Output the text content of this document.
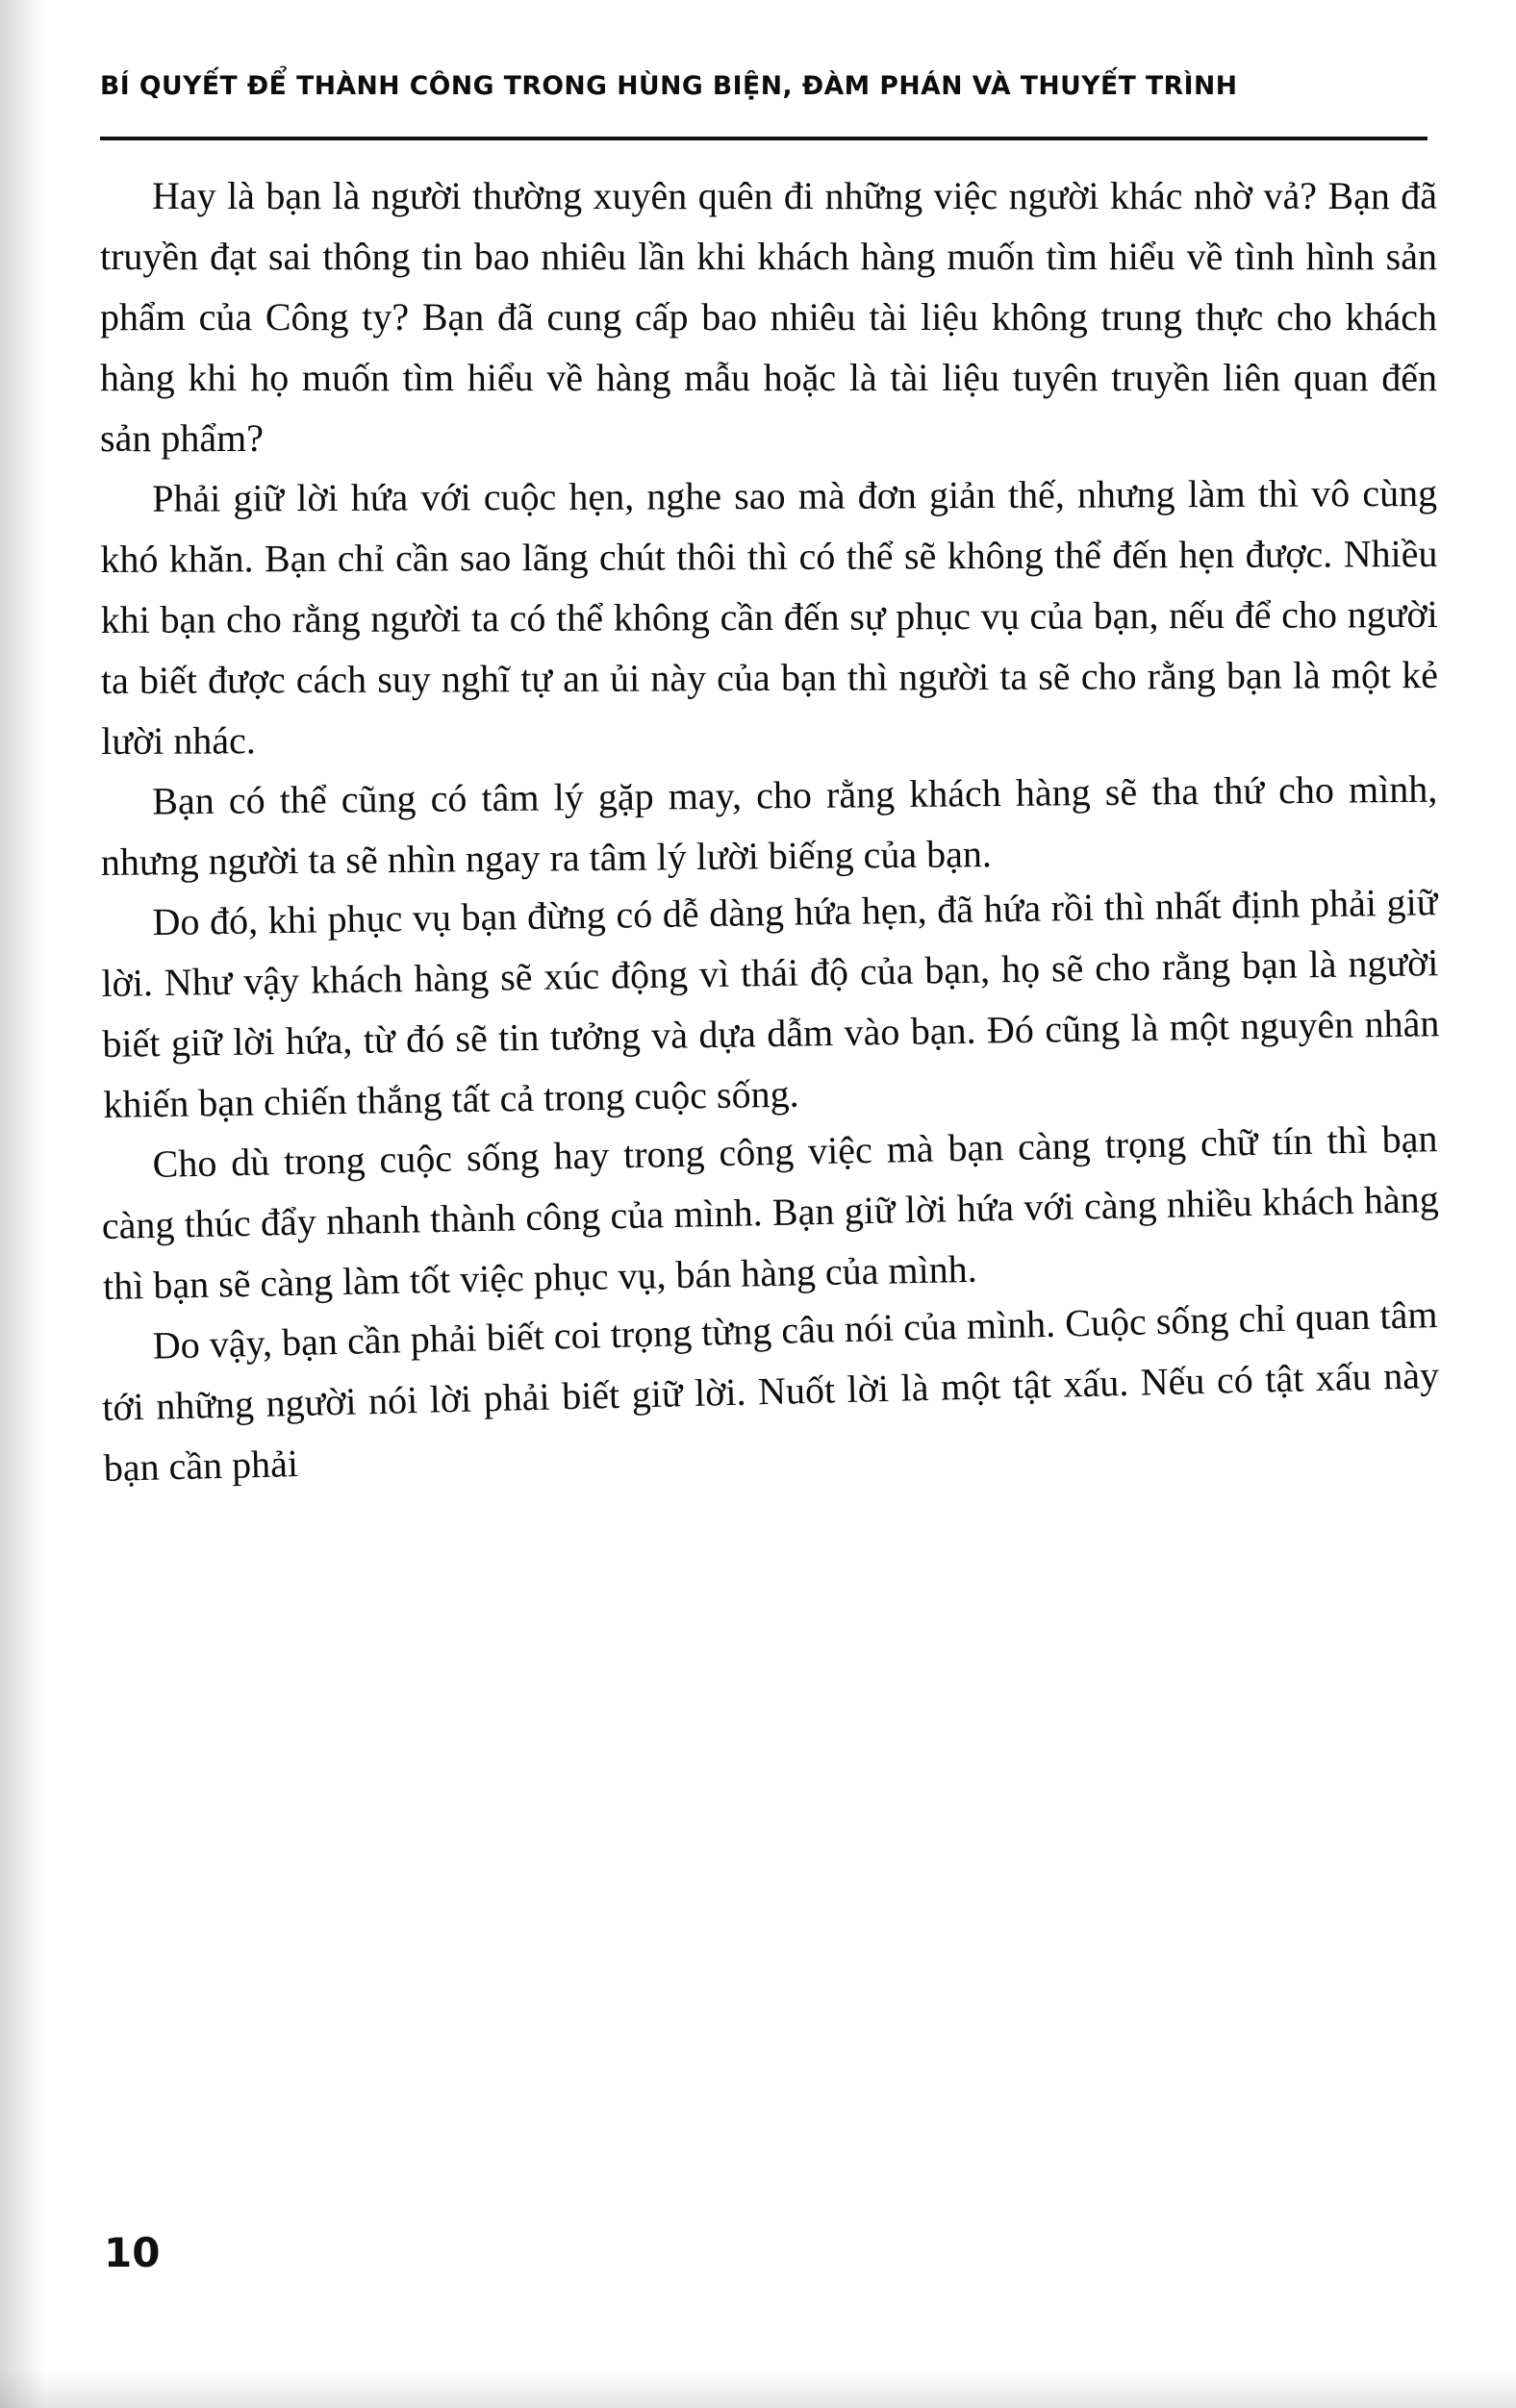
BÍ QUYẾT ĐỂ THÀNH CÔNG TRONG HÙNG BIỆN, ĐÀM PHÁN VÀ THUYẾT TRÌNH

Hay là bạn là người thường xuyên quên đi những việc người khác nhờ vả? Bạn đã truyền đạt sai thông tin bao nhiêu lần khi khách hàng muốn tìm hiểu về tình hình sản phẩm của Công ty? Bạn đã cung cấp bao nhiêu tài liệu không trung thực cho khách hàng khi họ muốn tìm hiểu về hàng mẫu hoặc là tài liệu tuyên truyền liên quan đến sản phẩm?

Phải giữ lời hứa với cuộc hẹn, nghe sao mà đơn giản thế, nhưng làm thì vô cùng khó khăn. Bạn chỉ cần sao lãng chút thôi thì có thể sẽ không thể đến hẹn được. Nhiều khi bạn cho rằng người ta có thể không cần đến sự phục vụ của bạn, nếu để cho người ta biết được cách suy nghĩ tự an ủi này của bạn thì người ta sẽ cho rằng bạn là một kẻ lười nhác.

Bạn có thể cũng có tâm lý gặp may, cho rằng khách hàng sẽ tha thứ cho mình, nhưng người ta sẽ nhìn ngay ra tâm lý lười biếng của bạn.

Do đó, khi phục vụ bạn đừng có dễ dàng hứa hẹn, đã hứa rồi thì nhất định phải giữ lời. Như vậy khách hàng sẽ xúc động vì thái độ của bạn, họ sẽ cho rằng bạn là người biết giữ lời hứa, từ đó sẽ tin tưởng và dựa dẫm vào bạn. Đó cũng là một nguyên nhân khiến bạn chiến thắng tất cả trong cuộc sống.

Cho dù trong cuộc sống hay trong công việc mà bạn càng trọng chữ tín thì bạn càng thúc đẩy nhanh thành công của mình. Bạn giữ lời hứa với càng nhiều khách hàng thì bạn sẽ càng làm tốt việc phục vụ, bán hàng của mình.

Do vậy, bạn cần phải biết coi trọng từng câu nói của mình. Cuộc sống chỉ quan tâm tới những người nói lời phải biết giữ lời. Nuốt lời là một tật xấu. Nếu có tật xấu này bạn cần phải

10
